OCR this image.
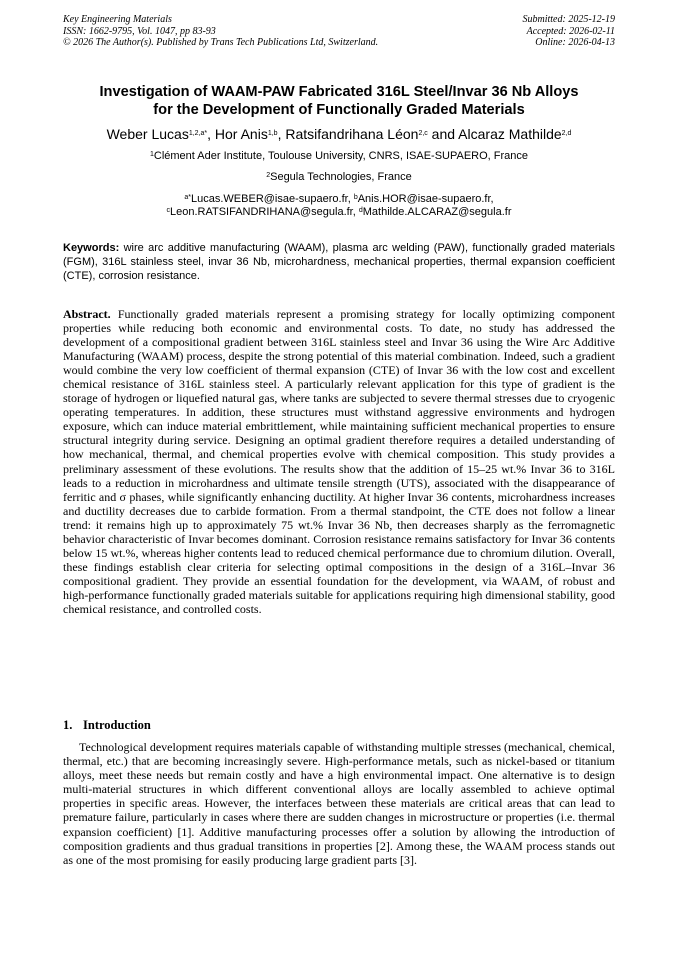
Key Engineering Materials
ISSN: 1662-9795, Vol. 1047, pp 83-93
© 2026 The Author(s). Published by Trans Tech Publications Ltd, Switzerland.
Submitted: 2025-12-19
Accepted: 2026-02-11
Online: 2026-04-13
Investigation of WAAM-PAW Fabricated 316L Steel/Invar 36 Nb Alloys
for the Development of Functionally Graded Materials
Weber Lucas$^{1,2,a*}$, Hor Anis$^{1,b}$, Ratsifandrihana Léon$^{2,c}$ and Alcaraz Mathilde$^{2,d}$
$^1$Clément Ader Institute, Toulouse University, CNRS, ISAE-SUPAERO, France
$^2$Segula Technologies, France
$^{a*}$Lucas.WEBER@isae-supaero.fr, $^b$Anis.HOR@isae-supaero.fr,
$^c$Leon.RATSIFANDRIHANA@segula.fr, $^d$Mathilde.ALCARAZ@segula.fr
Keywords: wire arc additive manufacturing (WAAM), plasma arc welding (PAW), functionally graded materials (FGM), 316L stainless steel, invar 36 Nb, microhardness, mechanical properties, thermal expansion coefficient (CTE), corrosion resistance.
Abstract. Functionally graded materials represent a promising strategy for locally optimizing component properties while reducing both economic and environmental costs. To date, no study has addressed the development of a compositional gradient between 316L stainless steel and Invar 36 using the Wire Arc Additive Manufacturing (WAAM) process, despite the strong potential of this material combination. Indeed, such a gradient would combine the very low coefficient of thermal expansion (CTE) of Invar 36 with the low cost and excellent chemical resistance of 316L stainless steel. A particularly relevant application for this type of gradient is the storage of hydrogen or liquefied natural gas, where tanks are subjected to severe thermal stresses due to cryogenic operating temperatures. In addition, these structures must withstand aggressive environments and hydrogen exposure, which can induce material embrittlement, while maintaining sufficient mechanical properties to ensure structural integrity during service. Designing an optimal gradient therefore requires a detailed understanding of how mechanical, thermal, and chemical properties evolve with chemical composition. This study provides a preliminary assessment of these evolutions. The results show that the addition of 15–25 wt.% Invar 36 to 316L leads to a reduction in microhardness and ultimate tensile strength (UTS), associated with the disappearance of ferritic and σ phases, while significantly enhancing ductility. At higher Invar 36 contents, microhardness increases and ductility decreases due to carbide formation. From a thermal standpoint, the CTE does not follow a linear trend: it remains high up to approximately 75 wt.% Invar 36 Nb, then decreases sharply as the ferromagnetic behavior characteristic of Invar becomes dominant. Corrosion resistance remains satisfactory for Invar 36 contents below 15 wt.%, whereas higher contents lead to reduced chemical performance due to chromium dilution. Overall, these findings establish clear criteria for selecting optimal compositions in the design of a 316L–Invar 36 compositional gradient. They provide an essential foundation for the development, via WAAM, of robust and high-performance functionally graded materials suitable for applications requiring high dimensional stability, good chemical resistance, and controlled costs.
1. Introduction
Technological development requires materials capable of withstanding multiple stresses (mechanical, chemical, thermal, etc.) that are becoming increasingly severe. High-performance metals, such as nickel-based or titanium alloys, meet these needs but remain costly and have a high environmental impact. One alternative is to design multi-material structures in which different conventional alloys are locally assembled to achieve optimal properties in specific areas. However, the interfaces between these materials are critical areas that can lead to premature failure, particularly in cases where there are sudden changes in microstructure or properties (i.e. thermal expansion coefficient) [1]. Additive manufacturing processes offer a solution by allowing the introduction of composition gradients and thus gradual transitions in properties [2]. Among these, the WAAM process stands out as one of the most promising for easily producing large gradient parts [3].
